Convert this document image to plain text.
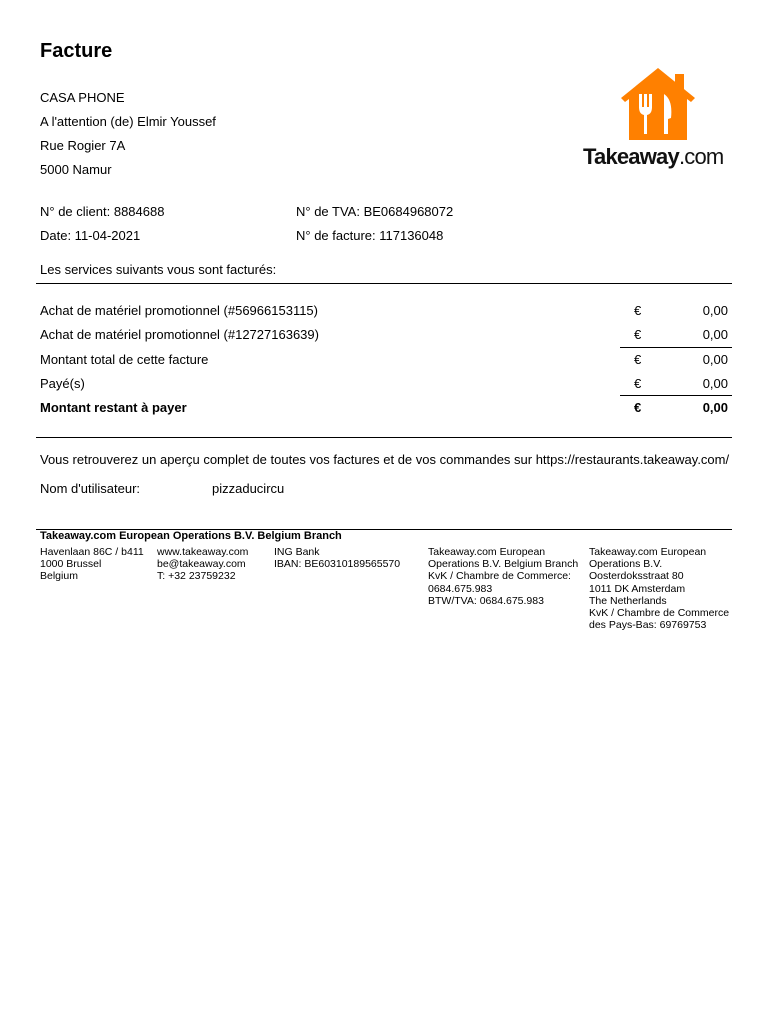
Facture
CASA PHONE
A l'attention (de) Elmir Youssef
Rue Rogier 7A
5000 Namur
Takeaway.com
N° de client: 8884688	N° de TVA: BE0684968072
Date: 11-04-2021	N° de facture: 117136048
Les services suivants vous sont facturés:
Achat de matériel promotionnel (#56966153115)	€	0,00
Achat de matériel promotionnel (#12727163639)	€	0,00
Montant total de cette facture	€	0,00
Payé(s)	€	0,00
Montant restant à payer	€	0,00
Vous retrouverez un aperçu complet de toutes vos factures et de vos commandes sur https://restaurants.takeaway.com/
Nom d'utilisateur:	pizzaducircu
Takeaway.com European Operations B.V. Belgium Branch
Havenlaan 86C / b411
1000 Brussel
Belgium
www.takeaway.com
be@takeaway.com
T: +32 23759232
ING Bank
IBAN: BE60310189565570
Takeaway.com European
Operations B.V. Belgium Branch
KvK / Chambre de Commerce:
0684.675.983
BTW/TVA: 0684.675.983
Takeaway.com European
Operations B.V.
Oosterdoksstraat 80
1011 DK Amsterdam
The Netherlands
KvK / Chambre de Commerce
des Pays-Bas: 69769753
